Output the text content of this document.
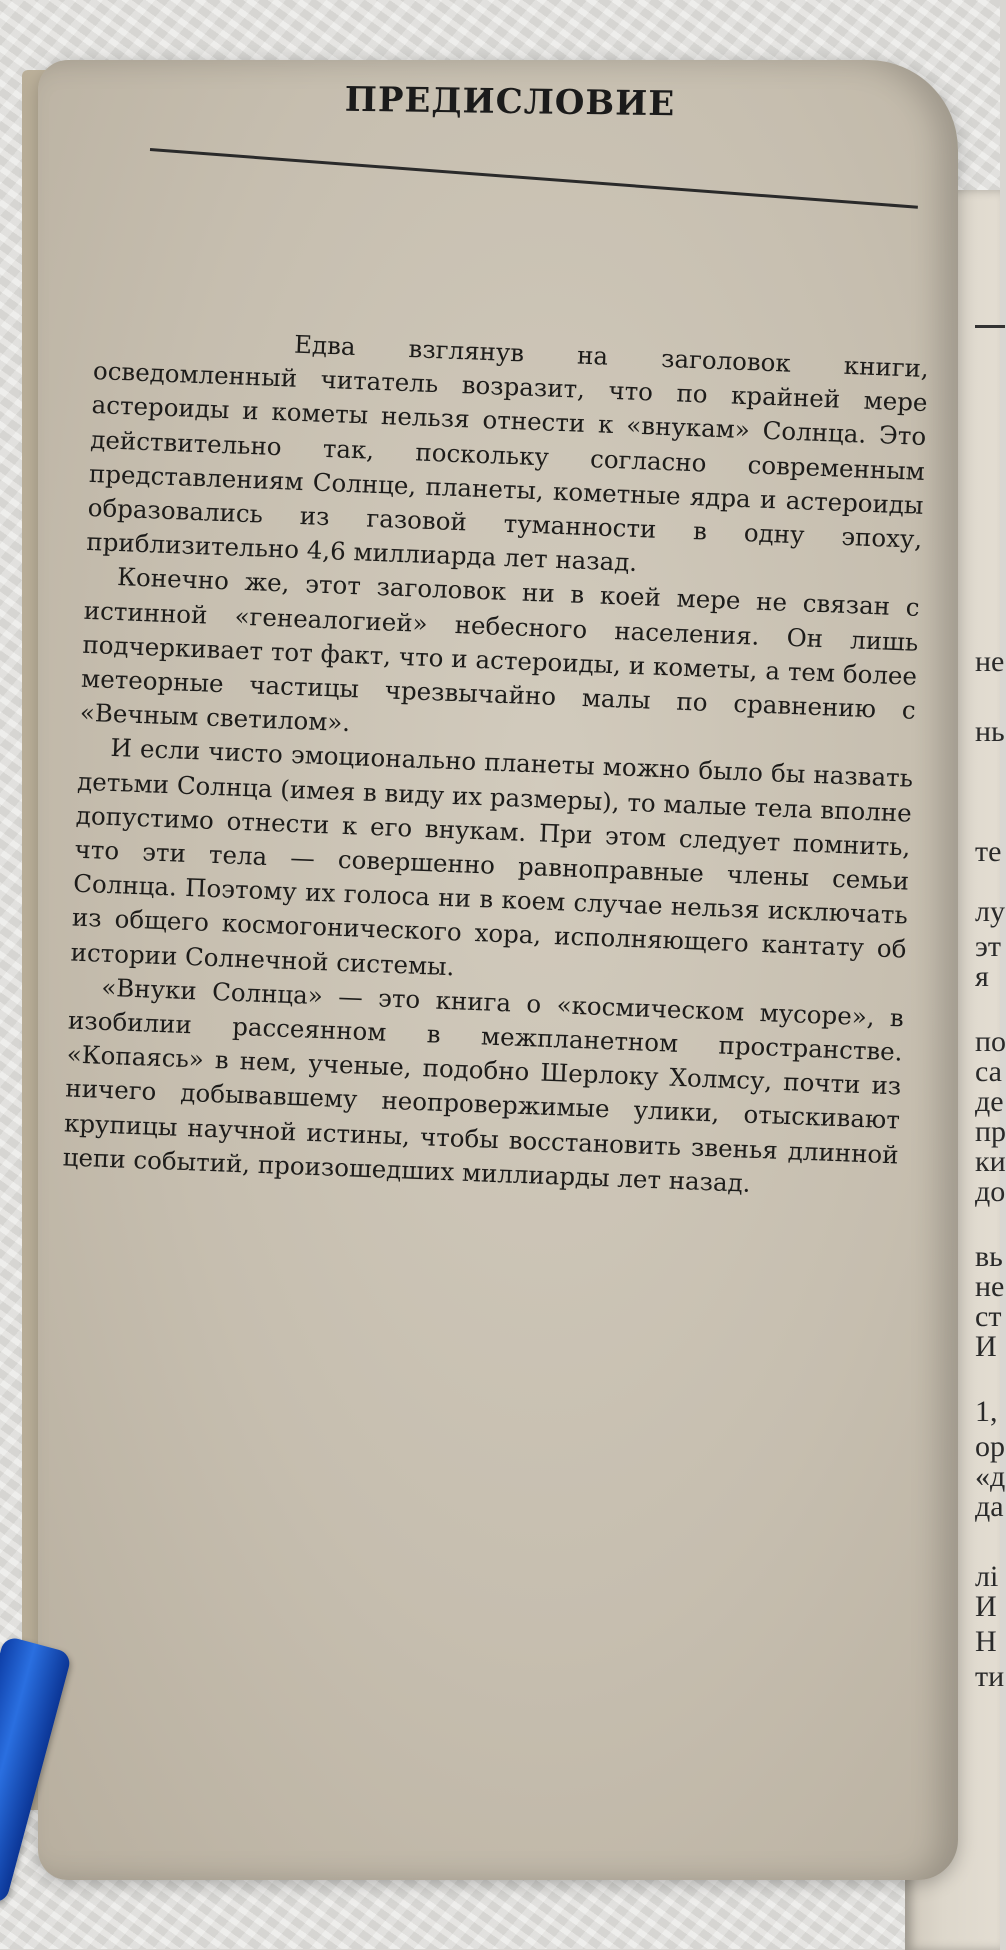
не
нь
те
лу
эт
я
по
са
де
пр
ки
до
вь
не
ст
И
1,
ор
«д
да
лі
И
Н
ти
ПРЕДИСЛОВИЕ

Едва взглянув на заголовок книги, осведомленный читатель возразит, что по крайней мере астероиды и кометы нельзя отнести к «внукам» Солнца. Это действительно так, поскольку согласно современным представлениям Солнце, планеты, кометные ядра и астероиды образовались из газовой туманности в одну эпоху, приблизительно 4,6 миллиарда лет назад.

Конечно же, этот заголовок ни в коей мере не связан с истинной «генеалогией» небесного населения. Он лишь подчеркивает тот факт, что и астероиды, и кометы, а тем более метеорные частицы чрезвычайно малы по сравнению с «Вечным светилом».

И если чисто эмоционально планеты можно было бы назвать детьми Солнца (имея в виду их размеры), то малые тела вполне допустимо отнести к его внукам. При этом следует помнить, что эти тела — совершенно равноправные члены семьи Солнца. Поэтому их голоса ни в коем случае нельзя исключать из общего космогонического хора, исполняющего кантату об истории Солнечной системы.

«Внуки Солнца» — это книга о «космическом мусоре», в изобилии рассеянном в межпланетном пространстве. «Копаясь» в нем, ученые, подобно Шерлоку Холмсу, почти из ничего добывавшему неопровержимые улики, отыскивают крупицы научной истины, чтобы восстановить звенья длинной цепи событий, произошедших миллиарды лет назад.
